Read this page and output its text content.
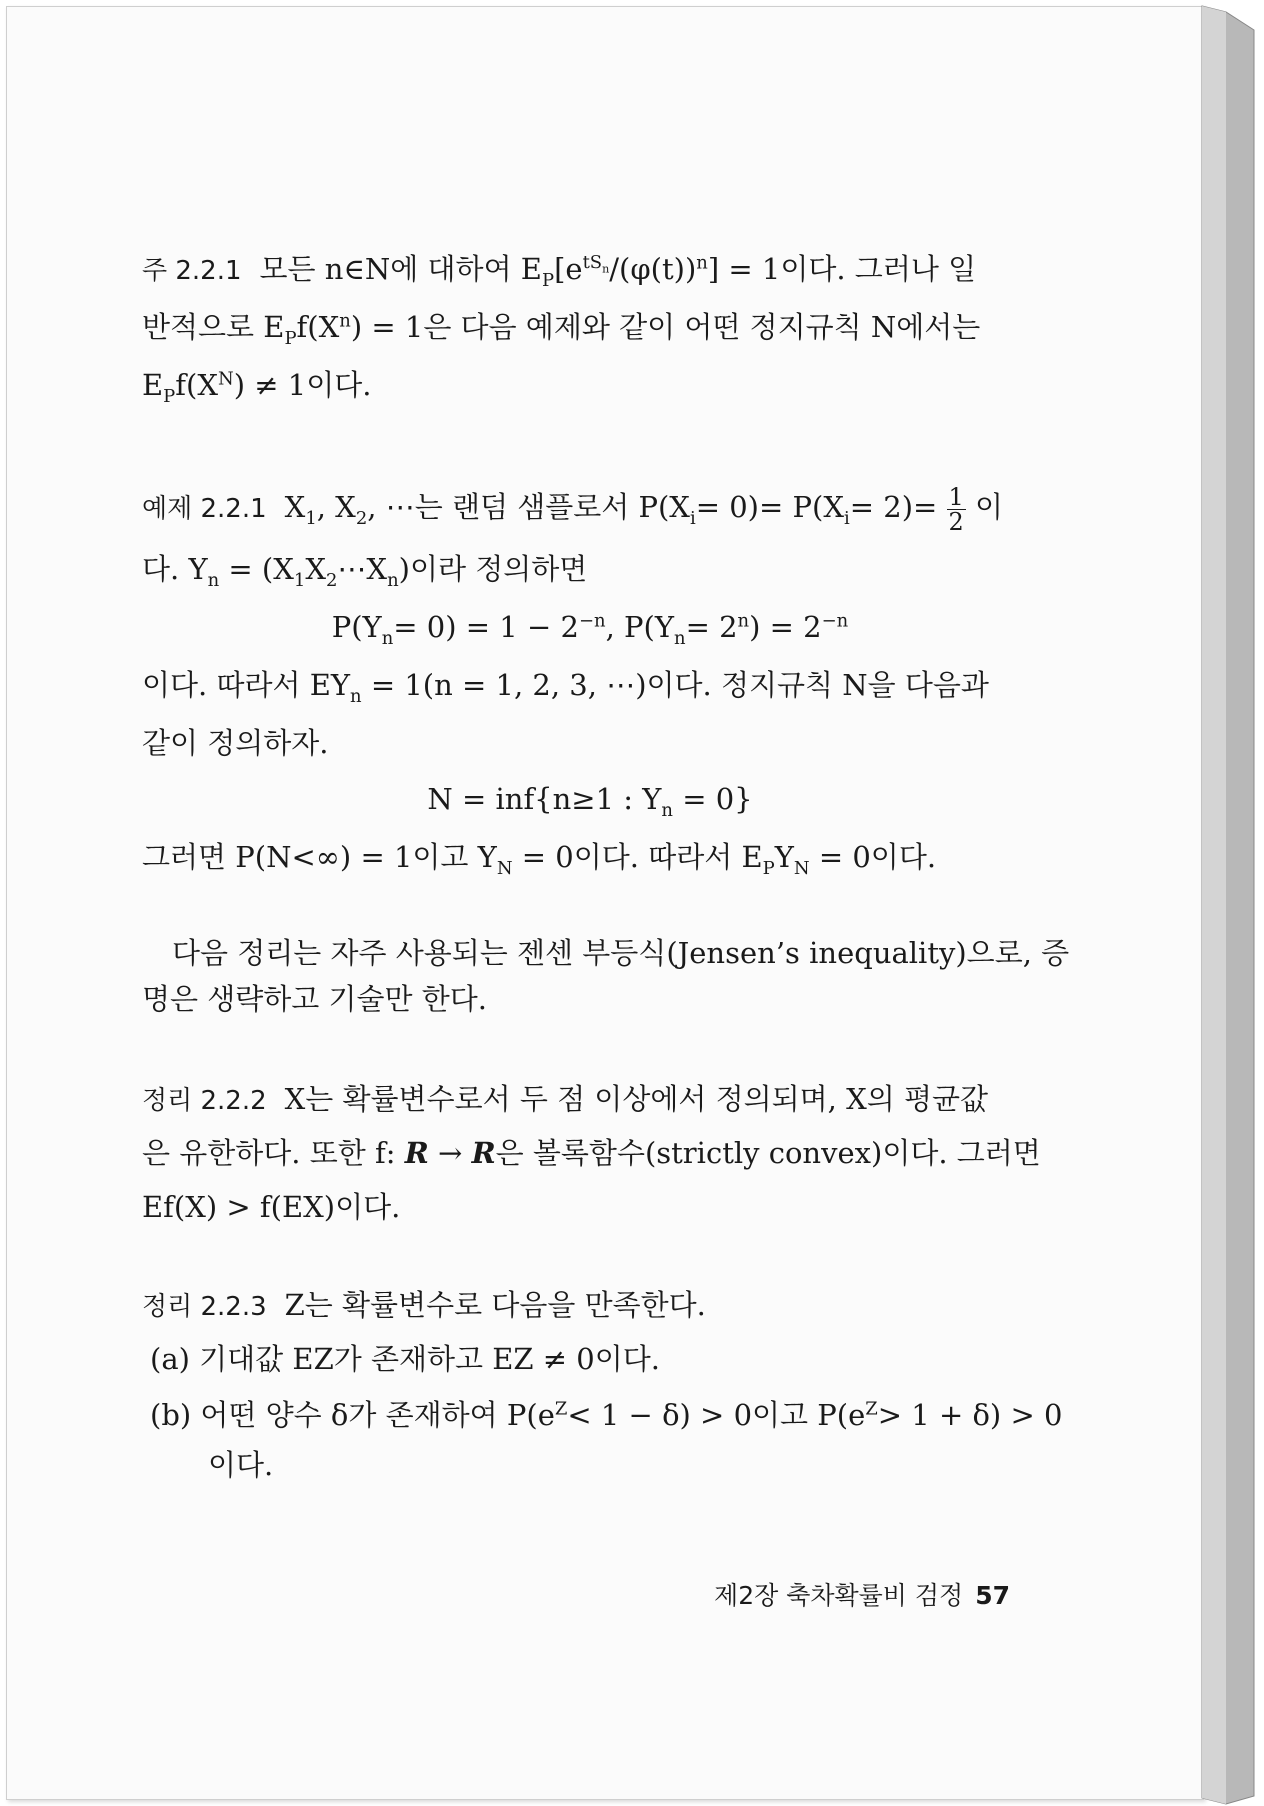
주 2.2.1 모든 n∈N에 대하여 $E_P[e^{tS_n}/(\varphi(t))^n] = 1$이다. 그러나 일
반적으로 $E_Pf(X^n) = 1$은 다음 예제와 같이 어떤 정지규칙 N에서는
$E_Pf(X^N) \ne 1$이다.
예제 2.2.1 $X_1$, $X_2$, ⋯는 랜덤 샘플로서 $P(X_i= 0)= P(X_i= 2)= \frac{1}{2}$ 이
다. $Y_n$ = $(X_1X_2\cdots X_n)$이라 정의하면
$P(Y_n= 0) = 1 - 2^{-n}$, $P(Y_n= 2^n) = 2^{-n}$
이다. 따라서 $EY_n = 1(n = 1$, 2, 3, ⋯)이다. 정지규칙 N을 다음과
같이 정의하자.
N = inf{n≥1 : $Y_n = 0$}
그러면 P(N<∞) = 1이고 $Y_N = 0$이다. 따라서 $E_PY_N = 0$이다.
다음 정리는 자주 사용되는 젠센 부등식(Jensen’s inequality)으로, 증
명은 생략하고 기술만 한다.
정리 2.2.2 X는 확률변수로서 두 점 이상에서 정의되며, X의 평균값
은 유한하다. 또한 f: R → R은 볼록함수(strictly convex)이다. 그러면
Ef(X) > f(EX)이다.
정리 2.2.3 Z는 확률변수로 다음을 만족한다.
(a) 기대값 EZ가 존재하고 EZ ≠ 0이다.
(b) 어떤 양수 δ가 존재하여 $P(e^Z< 1 - \delta) > 0$이고 $P(e^Z> 1 + \delta) > 0$
이다.
제2장 축차확률비 검정 57
